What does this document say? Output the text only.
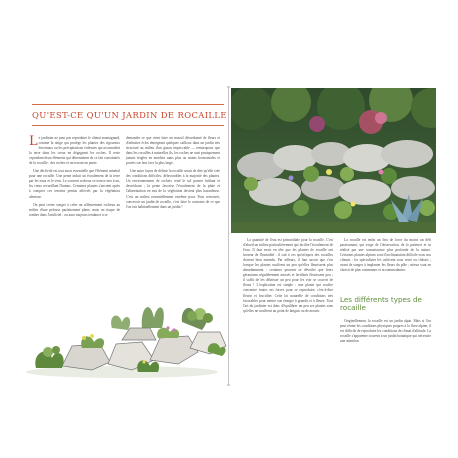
QU'EST-CE QU'UN JARDIN DE ROCAILLE
L e jardinier ne peut pas reproduire le climat montagnard, comme la neige qui protège les plantes des rigoureux hivernaux ou les précipitations violentes qui accumulent la terre dans les creux en dégageant les roches. Il reste cependant deux éléments qui déterminent de ce fait constitutifs de la rocaille : des roches et un terrain en pente.

Une déclivité est tout aussi essentielle que l'élément minéral pour une rocaille. Une pente induit un écoulement de la terre par les eaux et le vent. Le souvent rocheux se trouve mis à nu, les creux recueillant l'humus. Certaines plantes s'ancrent après à comprer ces terrains pentus affectés par la végétation alentour.

On peut certes songer à créer un affleurement rocheux au milieu d'une pelouse parfaitement plane, mais on risque de tomber dans l'artificiel : on aura toujours tendance à se

demander ce que vient faire un massif désordonné de fleurs et d'arbustes éclos émergeant quelques cailloux dans un jardin très structuré au milieu d'un gazon impeccable — remarquons que dans les rocailles à naturelles ils, les roches ne sont pratiquement jamais érigées en menhirs mais plus ou moins horizontales et posées sur leur face la plus large.

Une autre façon de définir la rocaille serait de dire qu'elle crée des conditions difficiles, défavorables à la majorité des plantes. Un environnement de rochers rend le sol pauvre brûlant et desséchant ; la pente favorise l'écoulement de la pluie et l'alimentation en eau de la végétation devient plus hasardeuse. C'est un milieu essentiellement extrême pour. Pour retrouver, concevoir un jardin de rocaille, c'est faire le contraire de ce que l'on fait habituellement dans un jardin !

La quantité de l'eau est primordiale pour la rocaille. C'est d'abord un milieu particulièrement qui facilite l'écoulement de l'eau. Il faut avoir en tête que les plantes de rocaille ont horreur de l'humidité : il suit à ces spécifiques des rocailles doivent bien entendu. Par ailleurs, il faut savoir que c'est lorsque les plantes souffrent un peu qu'elles fleurissent plus abondamment : certaines peuvent se dévoiler que leurs géraniums régulièrement arrosés et fertilisés fleurissent peu ; il suffit de les délaisser un peu pour les voir se couvrir de fleurs ! L'explication est simple : une plante qui souffre concentre toutes ses forces pour se reproduire, c'est-à-dire fleurir et fructifier. Cette loi naturelle de conditions très favorables pour mettre son énergie à grandir et à fleurir. Tout l'art du jardinier est donc d'équilibrer un peu ses plantes sans qu'elles ne souffrent au point de languir ou de mourir.

La rocaille est enfin un lieu de force du moins un défi passionnant, qui exige de l'observation, de la patience et sa réalisé par une connaissance plus profonde de la nature. Certaines plantes alpines sont d'acclimatation difficile sous nos climats : les spécialistes les cultivent sous verre ou châssis ; avant de songer à implanter les fleurs du pôle ; mieux vaut en choisir de plus communes et accommodantes.

Les différents types de rocaille

Originellement, la rocaille est un jardin alpin. Mais si l'on peut réunir les conditions physiques propres à la flore alpine, il est difficile de reproduire les conditions de climat d'altitude. La rocaille s'apparente souvent à un jardin botanique qui nécessite une attention
